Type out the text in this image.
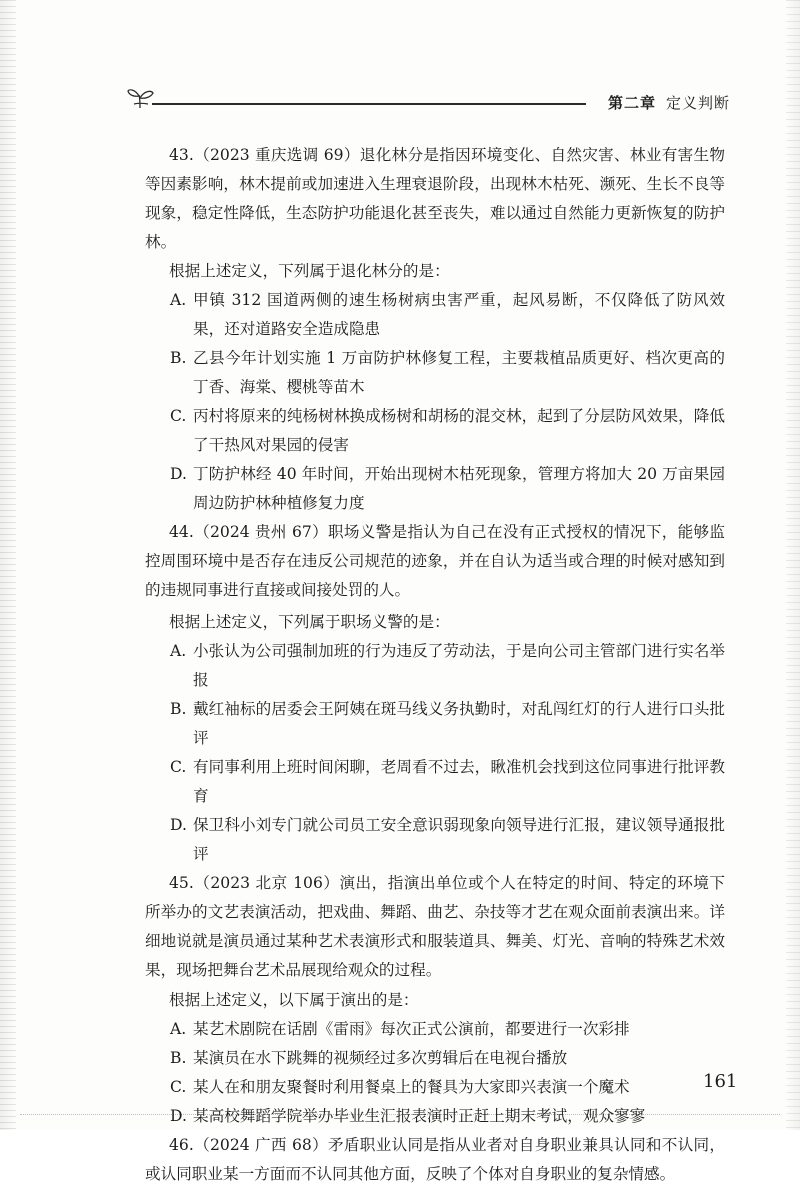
第二章 定义判断

43.（2023 重庆选调 69）退化林分是指因环境变化、自然灾害、林业有害生物等因素影响，林木提前或加速进入生理衰退阶段，出现林木枯死、濒死、生长不良等现象，稳定性降低，生态防护功能退化甚至丧失，难以通过自然能力更新恢复的防护林。

根据上述定义，下列属于退化林分的是：

A. 甲镇 312 国道两侧的速生杨树病虫害严重，起风易断，不仅降低了防风效果，还对道路安全造成隐患
B. 乙县今年计划实施 1 万亩防护林修复工程，主要栽植品质更好、档次更高的丁香、海棠、樱桃等苗木
C. 丙村将原来的纯杨树林换成杨树和胡杨的混交林，起到了分层防风效果，降低了干热风对果园的侵害
D. 丁防护林经 40 年时间，开始出现树木枯死现象，管理方将加大 20 万亩果园周边防护林种植修复力度

44.（2024 贵州 67）职场义警是指认为自己在没有正式授权的情况下，能够监控周围环境中是否存在违反公司规范的迹象，并在自认为适当或合理的时候对感知到的违规同事进行直接或间接处罚的人。

根据上述定义，下列属于职场义警的是：

A. 小张认为公司强制加班的行为违反了劳动法，于是向公司主管部门进行实名举报
B. 戴红袖标的居委会王阿姨在斑马线义务执勤时，对乱闯红灯的行人进行口头批评
C. 有同事利用上班时间闲聊，老周看不过去，瞅准机会找到这位同事进行批评教育
D. 保卫科小刘专门就公司员工安全意识弱现象向领导进行汇报，建议领导通报批评

45.（2023 北京 106）演出，指演出单位或个人在特定的时间、特定的环境下所举办的文艺表演活动，把戏曲、舞蹈、曲艺、杂技等才艺在观众面前表演出来。详细地说就是演员通过某种艺术表演形式和服装道具、舞美、灯光、音响的特殊艺术效果，现场把舞台艺术品展现给观众的过程。

根据上述定义，以下属于演出的是：

A. 某艺术剧院在话剧《雷雨》每次正式公演前，都要进行一次彩排
B. 某演员在水下跳舞的视频经过多次剪辑后在电视台播放
C. 某人在和朋友聚餐时利用餐桌上的餐具为大家即兴表演一个魔术
D. 某高校舞蹈学院举办毕业生汇报表演时正赶上期末考试，观众寥寥

46.（2024 广西 68）矛盾职业认同是指从业者对自身职业兼具认同和不认同，或认同职业某一方面而不认同其他方面，反映了个体对自身职业的复杂情感。

161
